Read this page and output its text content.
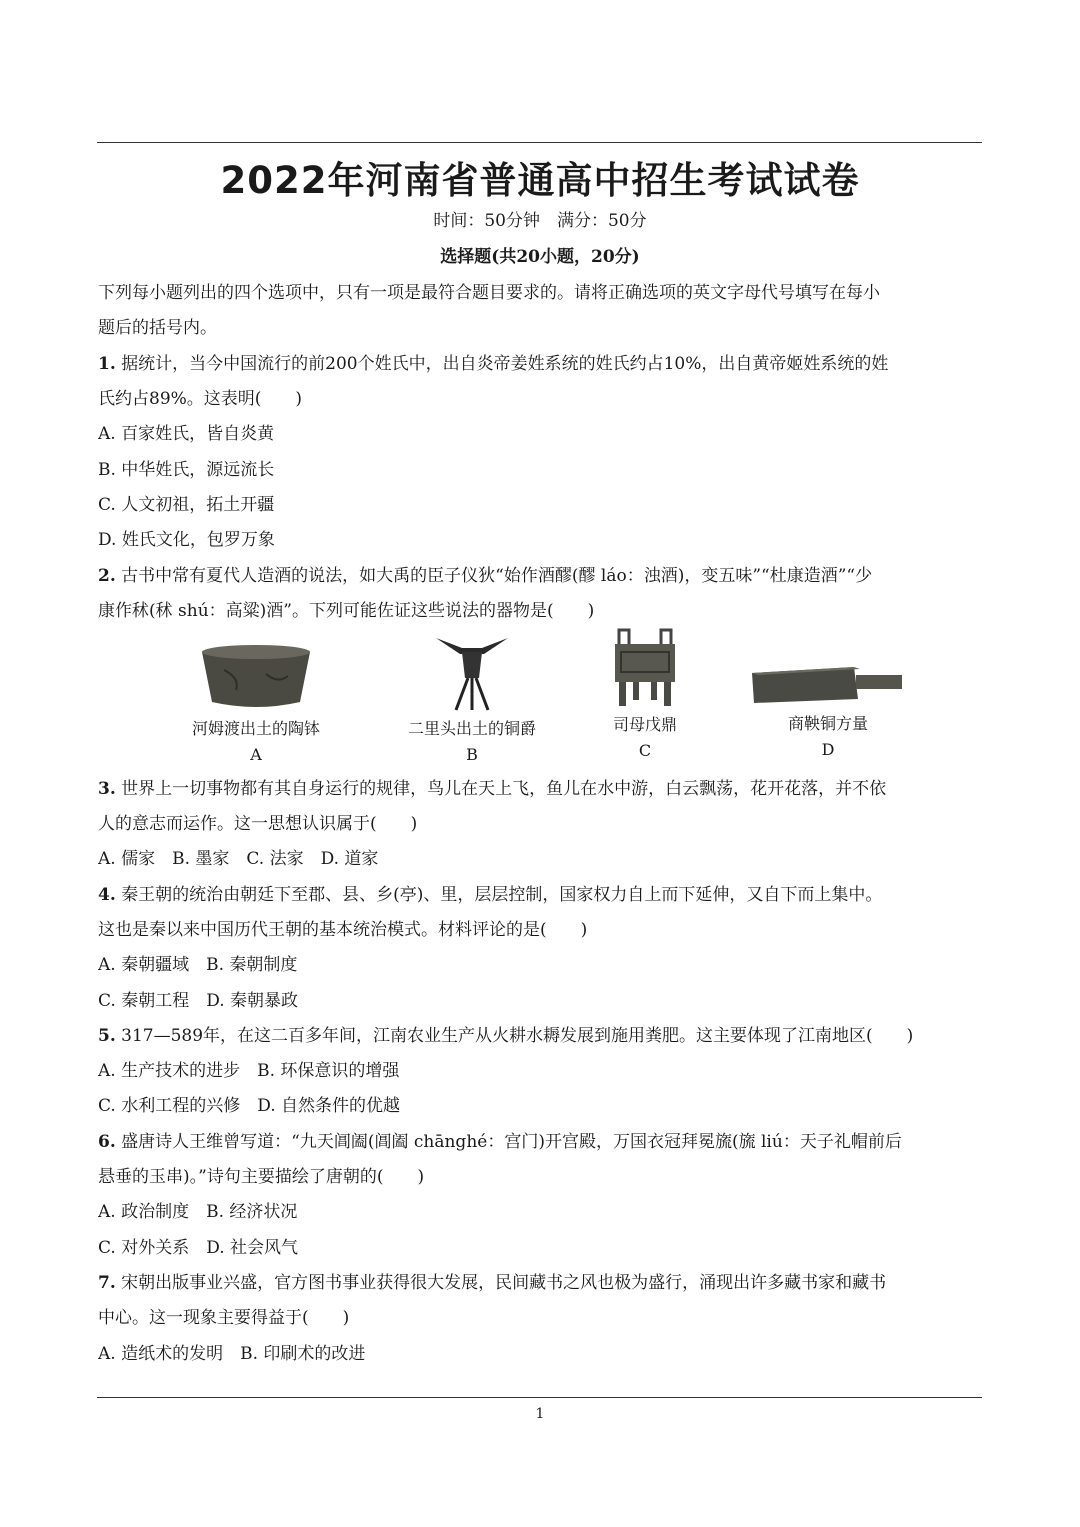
2022年河南省普通高中招生考试试卷
时间：50分钟　满分：50分
选择题(共20小题，20分)
下列每小题列出的四个选项中，只有一项是最符合题目要求的。请将正确选项的英文字母代号填写在每小
题后的括号内。
1. 据统计，当今中国流行的前200个姓氏中，出自炎帝姜姓系统的姓氏约占10%，出自黄帝姬姓系统的姓
氏约占89%。这表明(　　)
A. 百家姓氏，皆自炎黄
B. 中华姓氏，源远流长
C. 人文初祖，拓土开疆
D. 姓氏文化，包罗万象
2. 古书中常有夏代人造酒的说法，如大禹的臣子仪狄“始作酒醪(醪 láo：浊酒)，变五味”“杜康造酒”“少
康作秫(秫 shú：高粱)酒”。下列可能佐证这些说法的器物是(　　)
河姆渡出土的陶钵
A
二里头出土的铜爵
B
司母戊鼎
C
商鞅铜方量
D
3. 世界上一切事物都有其自身运行的规律，鸟儿在天上飞，鱼儿在水中游，白云飘荡，花开花落，并不依
人的意志而运作。这一思想认识属于(　　)
A. 儒家　B. 墨家　C. 法家　D. 道家
4. 秦王朝的统治由朝廷下至郡、县、乡(亭)、里，层层控制，国家权力自上而下延伸，又自下而上集中。
这也是秦以来中国历代王朝的基本统治模式。材料评论的是(　　)
A. 秦朝疆域　B. 秦朝制度
C. 秦朝工程　D. 秦朝暴政
5. 317—589年，在这二百多年间，江南农业生产从火耕水耨发展到施用粪肥。这主要体现了江南地区(　　)
A. 生产技术的进步　B. 环保意识的增强
C. 水利工程的兴修　D. 自然条件的优越
6. 盛唐诗人王维曾写道：“九天阊阖(阊阖 chānghé：宫门)开宫殿，万国衣冠拜冕旒(旒 liú：天子礼帽前后
悬垂的玉串)。”诗句主要描绘了唐朝的(　　)
A. 政治制度　B. 经济状况
C. 对外关系　D. 社会风气
7. 宋朝出版事业兴盛，官方图书事业获得很大发展，民间藏书之风也极为盛行，涌现出许多藏书家和藏书
中心。这一现象主要得益于(　　)
A. 造纸术的发明　B. 印刷术的改进
1
